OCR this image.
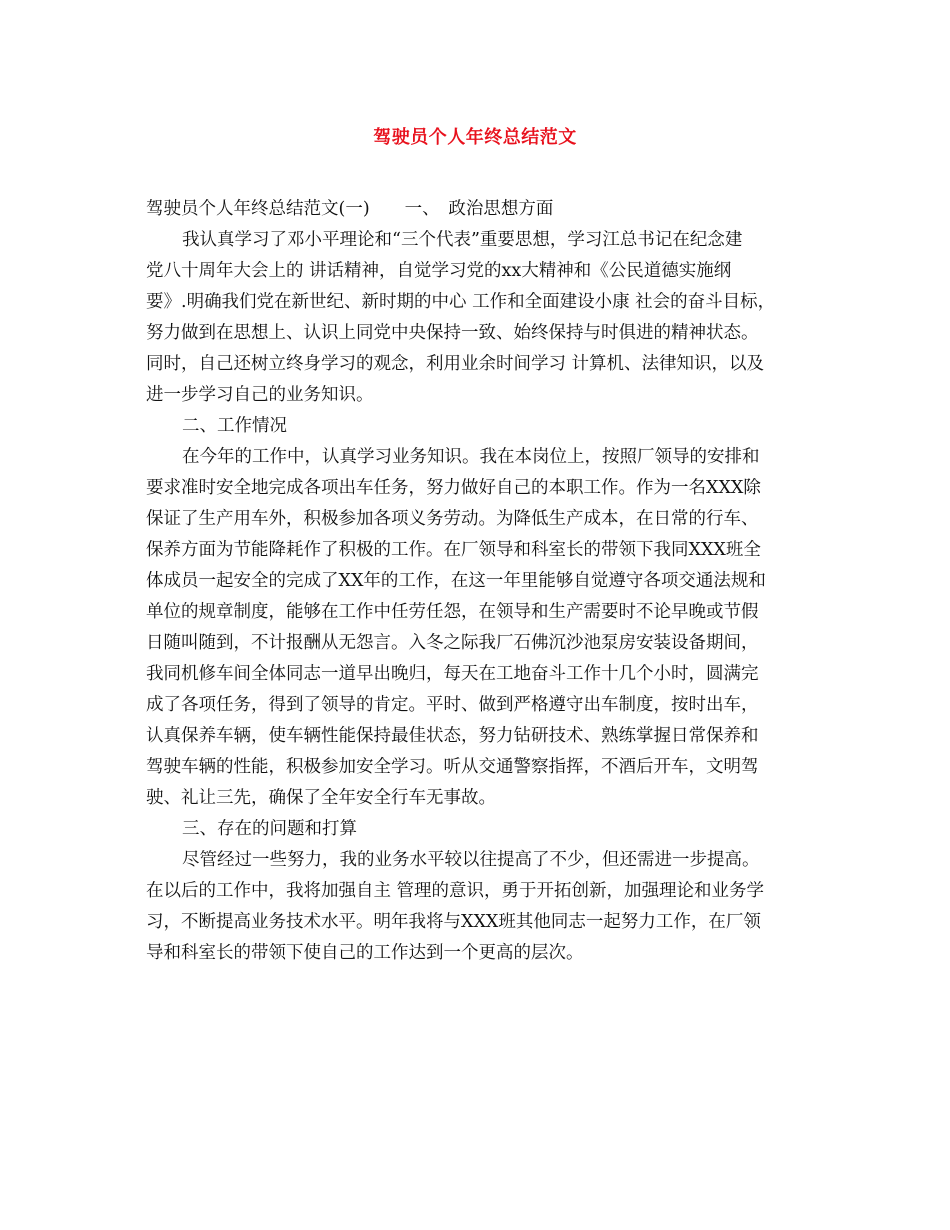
驾驶员个人年终总结范文
驾驶员个人年终总结范文(一)　　一、　政治思想方面
我认真学习了邓小平理论和“三个代表”重要思想，学习江总书记在纪念建
党八十周年大会上的 讲话精神，自觉学习党的xx大精神和《公民道德实施纲
要》.明确我们党在新世纪、新时期的中心 工作和全面建设小康 社会的奋斗目标，
努力做到在思想上、认识上同党中央保持一致、始终保持与时俱进的精神状态。
同时，自己还树立终身学习的观念，利用业余时间学习 计算机、法律知识，以及
进一步学习自己的业务知识。
二、工作情况
在今年的工作中，认真学习业务知识。我在本岗位上，按照厂领导的安排和
要求准时安全地完成各项出车任务，努力做好自己的本职工作。作为一名XXX除
保证了生产用车外，积极参加各项义务劳动。为降低生产成本，在日常的行车、
保养方面为节能降耗作了积极的工作。在厂领导和科室长的带领下我同XXX班全
体成员一起安全的完成了XX年的工作，在这一年里能够自觉遵守各项交通法规和
单位的规章制度，能够在工作中任劳任怨，在领导和生产需要时不论早晚或节假
日随叫随到，不计报酬从无怨言。入冬之际我厂石佛沉沙池泵房安装设备期间，
我同机修车间全体同志一道早出晚归，每天在工地奋斗工作十几个小时，圆满完
成了各项任务，得到了领导的肯定。平时、做到严格遵守出车制度，按时出车，
认真保养车辆，使车辆性能保持最佳状态，努力钻研技术、熟练掌握日常保养和
驾驶车辆的性能，积极参加安全学习。听从交通警察指挥，不酒后开车，文明驾
驶、礼让三先，确保了全年安全行车无事故。
三、存在的问题和打算
尽管经过一些努力，我的业务水平较以往提高了不少，但还需进一步提高。
在以后的工作中，我将加强自主 管理的意识，勇于开拓创新，加强理论和业务学
习，不断提高业务技术水平。明年我将与XXX班其他同志一起努力工作，在厂领
导和科室长的带领下使自己的工作达到一个更高的层次。
